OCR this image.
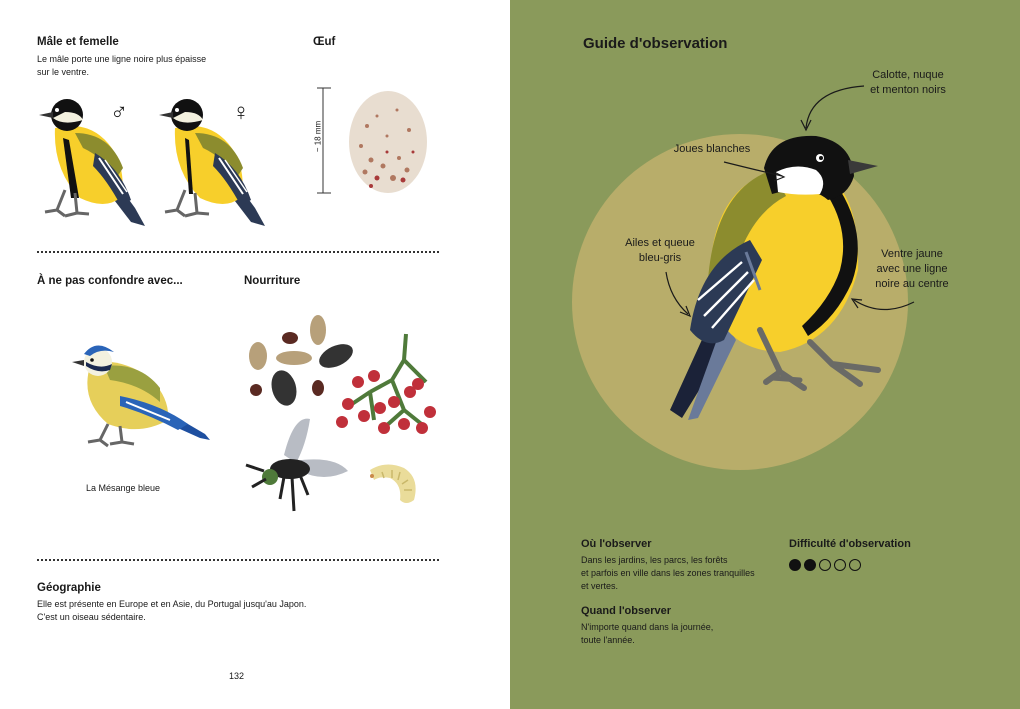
Mâle et femelle
Le mâle porte une ligne noire plus épaisse
sur le ventre.
♂	♀
Œuf
~ 18 mm
À ne pas confondre avec...
La Mésange bleue
Nourriture
Géographie
Elle est présente en Europe et en Asie, du Portugal jusqu'au Japon.
C'est un oiseau sédentaire.
132
Guide d'observation
Calotte, nuque
et menton noirs
Joues blanches
Ailes et queue
bleu-gris	Ventre jaune
avec une ligne
noire au centre
Où l'observer
Dans les jardins, les parcs, les forêts
et parfois en ville dans les zones tranquilles
et vertes.
Quand l'observer
N'importe quand dans la journée,
toute l'année.
Difficulté d'observation
